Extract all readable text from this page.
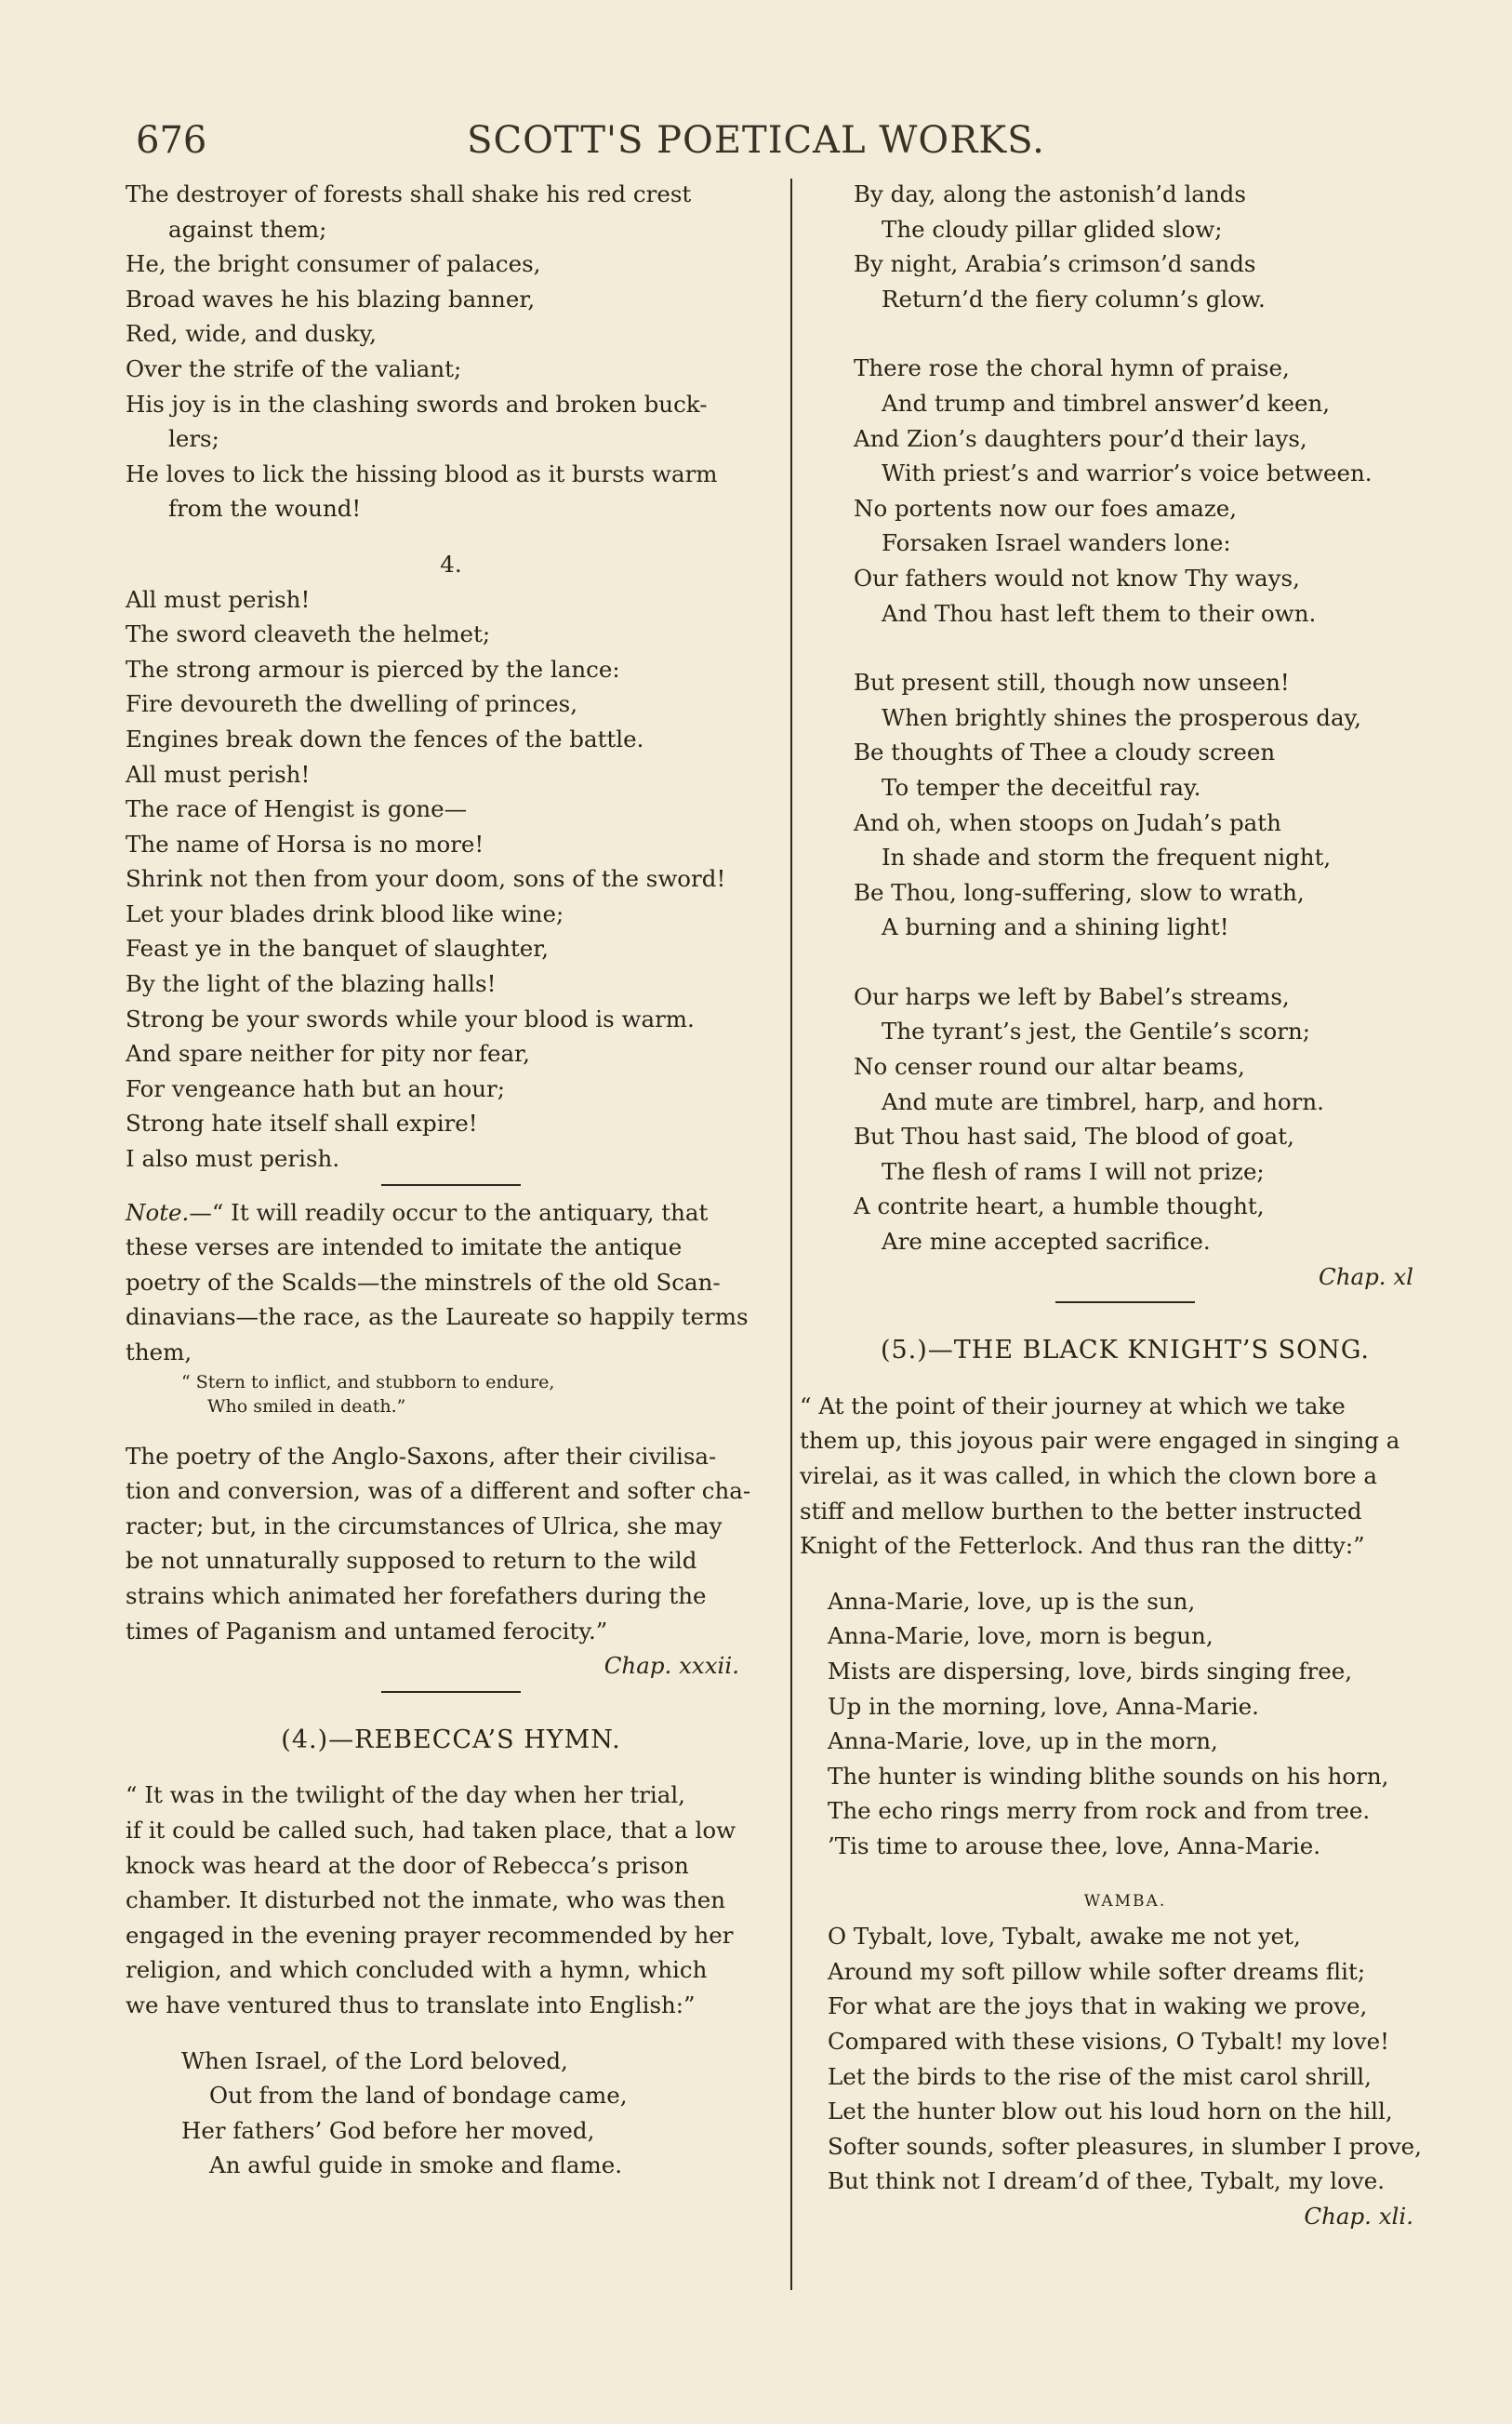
676	SCOTT'S POETICAL WORKS.
The destroyer of forests shall shake his red crest
against them;
He, the bright consumer of palaces,
Broad waves he his blazing banner,
Red, wide, and dusky,
Over the strife of the valiant;
His joy is in the clashing swords and broken buck-
lers;
He loves to lick the hissing blood as it bursts warm
from the wound!
4.
All must perish!
The sword cleaveth the helmet;
The strong armour is pierced by the lance:
Fire devoureth the dwelling of princes,
Engines break down the fences of the battle.
All must perish!
The race of Hengist is gone—
The name of Horsa is no more!
Shrink not then from your doom, sons of the sword!
Let your blades drink blood like wine;
Feast ye in the banquet of slaughter,
By the light of the blazing halls!
Strong be your swords while your blood is warm.
And spare neither for pity nor fear,
For vengeance hath but an hour;
Strong hate itself shall expire!
I also must perish.
Note.—“ It will readily occur to the antiquary, that
these verses are intended to imitate the antique
poetry of the Scalds—the minstrels of the old Scan-
dinavians—the race, as the Laureate so happily terms
them,
“ Stern to inflict, and stubborn to endure,
Who smiled in death.”
The poetry of the Anglo-Saxons, after their civilisa-
tion and conversion, was of a different and softer cha-
racter; but, in the circumstances of Ulrica, she may
be not unnaturally supposed to return to the wild
strains which animated her forefathers during the
times of Paganism and untamed ferocity.”
Chap. xxxii.
(4.)—REBECCA’S HYMN.
“ It was in the twilight of the day when her trial,
if it could be called such, had taken place, that a low
knock was heard at the door of Rebecca’s prison
chamber. It disturbed not the inmate, who was then
engaged in the evening prayer recommended by her
religion, and which concluded with a hymn, which
we have ventured thus to translate into English:”
When Israel, of the Lord beloved,
Out from the land of bondage came,
Her fathers’ God before her moved,
An awful guide in smoke and flame.
By day, along the astonish’d lands
The cloudy pillar glided slow;
By night, Arabia’s crimson’d sands
Return’d the fiery column’s glow.
There rose the choral hymn of praise,
And trump and timbrel answer’d keen,
And Zion’s daughters pour’d their lays,
With priest’s and warrior’s voice between.
No portents now our foes amaze,
Forsaken Israel wanders lone:
Our fathers would not know Thy ways,
And Thou hast left them to their own.
But present still, though now unseen!
When brightly shines the prosperous day,
Be thoughts of Thee a cloudy screen
To temper the deceitful ray.
And oh, when stoops on Judah’s path
In shade and storm the frequent night,
Be Thou, long-suffering, slow to wrath,
A burning and a shining light!
Our harps we left by Babel’s streams,
The tyrant’s jest, the Gentile’s scorn;
No censer round our altar beams,
And mute are timbrel, harp, and horn.
But Thou hast said, The blood of goat,
The flesh of rams I will not prize;
A contrite heart, a humble thought,
Are mine accepted sacrifice.
Chap. xl
(5.)—THE BLACK KNIGHT’S SONG.
“ At the point of their journey at which we take
them up, this joyous pair were engaged in singing a
virelai, as it was called, in which the clown bore a
stiff and mellow burthen to the better instructed
Knight of the Fetterlock. And thus ran the ditty:”
Anna-Marie, love, up is the sun,
Anna-Marie, love, morn is begun,
Mists are dispersing, love, birds singing free,
Up in the morning, love, Anna-Marie.
Anna-Marie, love, up in the morn,
The hunter is winding blithe sounds on his horn,
The echo rings merry from rock and from tree.
’Tis time to arouse thee, love, Anna-Marie.
WAMBA.
O Tybalt, love, Tybalt, awake me not yet,
Around my soft pillow while softer dreams flit;
For what are the joys that in waking we prove,
Compared with these visions, O Tybalt! my love!
Let the birds to the rise of the mist carol shrill,
Let the hunter blow out his loud horn on the hill,
Softer sounds, softer pleasures, in slumber I prove,
But think not I dream’d of thee, Tybalt, my love.
Chap. xli.
